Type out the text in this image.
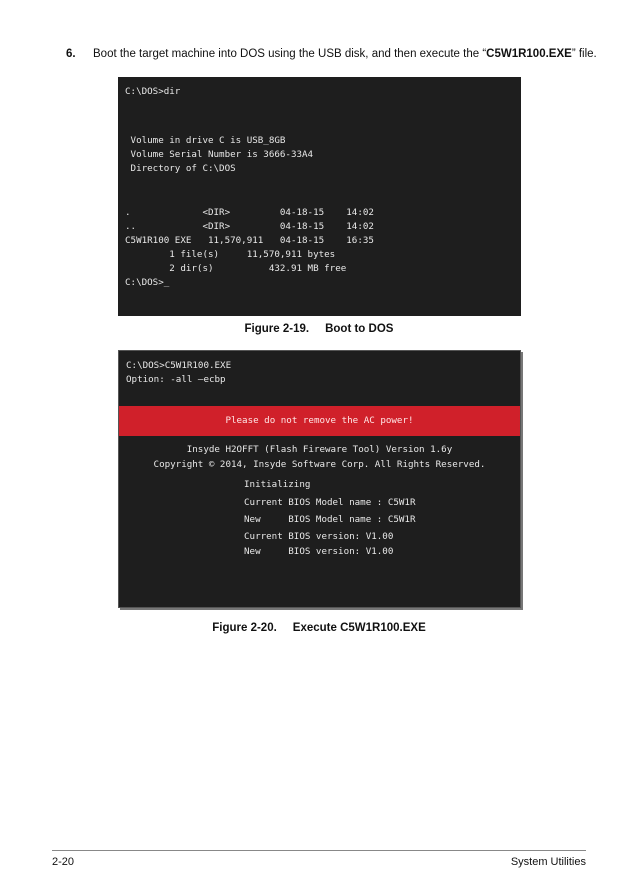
6. Boot the target machine into DOS using the USB disk, and then execute the “C5W1R100.EXE” file.

C:\DOS>dir

Volume in drive C is USB_8GB

Volume Serial Number is 3666-33A4

Directory of C:\DOS

.             <DIR>         04-18-15    14:02

..            <DIR>         04-18-15    14:02

C5W1R100 EXE   11,570,911   04-18-15    16:35

1 file(s)     11,570,911 bytes

2 dir(s)          432.91 MB free

C:\DOS>_

Figure 2-19. Boot to DOS

C:\DOS>C5W1R100.EXE

Option: -all –ecbp

Please do not remove the AC power!

Insyde H2OFFT (Flash Fireware Tool) Version 1.6y

Copyright © 2014, Insyde Software Corp. All Rights Reserved.

Initializing

Current BIOS Model name : C5W1R

New     BIOS Model name : C5W1R

Current BIOS version: V1.00

New     BIOS version: V1.00

Figure 2-20. Execute C5W1R100.EXE
2-20	System Utilities
